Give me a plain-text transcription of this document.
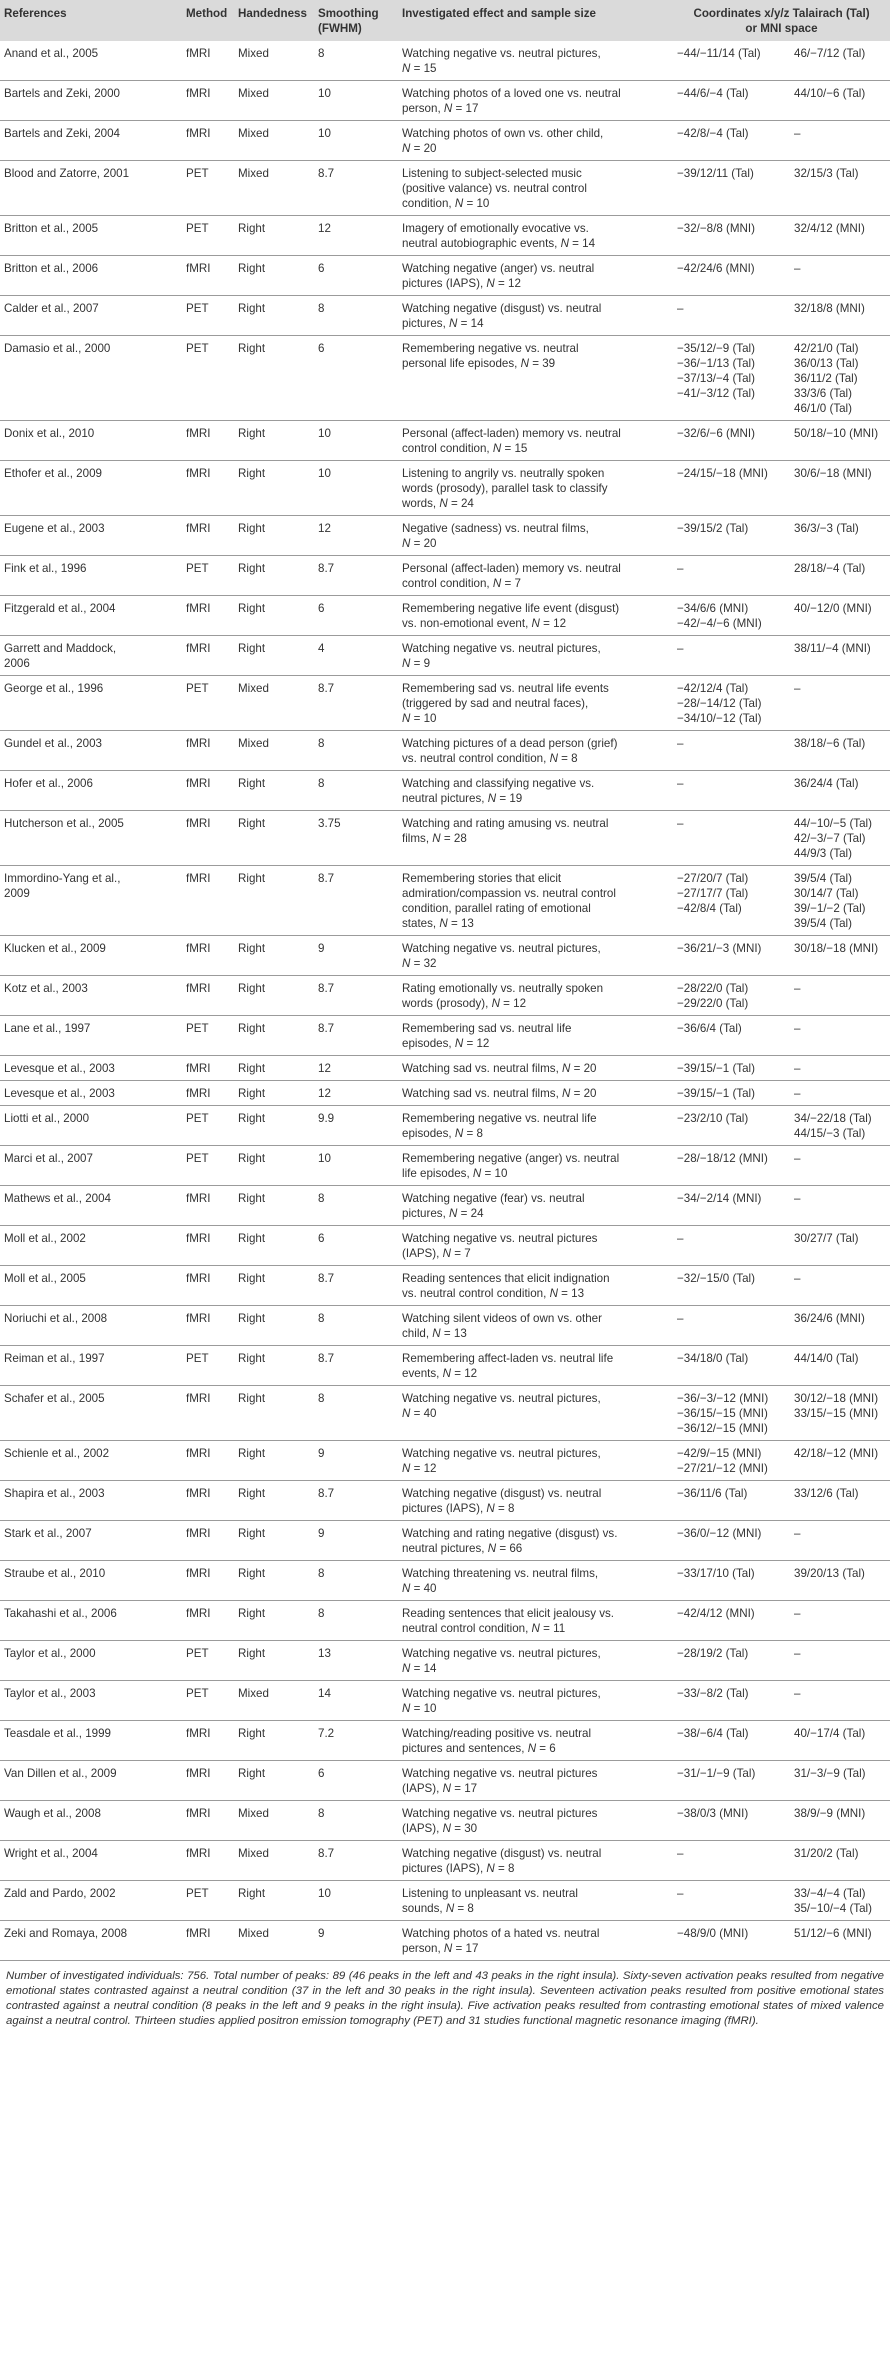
References	Method	Handedness	Smoothing
(FWHM)	Investigated effect and sample size	Coordinates x/y/z Talairach (Tal)
or MNI space	
Anand et al., 2005	fMRI	Mixed	8	Watching negative vs. neutral pictures,
N = 15	−44/−11/14 (Tal)	46/−7/12 (Tal)
Bartels and Zeki, 2000	fMRI	Mixed	10	Watching photos of a loved one vs. neutral
person, N = 17	−44/6/−4 (Tal)	44/10/−6 (Tal)
Bartels and Zeki, 2004	fMRI	Mixed	10	Watching photos of own vs. other child,
N = 20	−42/8/−4 (Tal)	–
Blood and Zatorre, 2001	PET	Mixed	8.7	Listening to subject-selected music
(positive valance) vs. neutral control
condition, N = 10	−39/12/11 (Tal)	32/15/3 (Tal)
Britton et al., 2005	PET	Right	12	Imagery of emotionally evocative vs.
neutral autobiographic events, N = 14	−32/−8/8 (MNI)	32/4/12 (MNI)
Britton et al., 2006	fMRI	Right	6	Watching negative (anger) vs. neutral
pictures (IAPS), N = 12	−42/24/6 (MNI)	–
Calder et al., 2007	PET	Right	8	Watching negative (disgust) vs. neutral
pictures, N = 14	–	32/18/8 (MNI)
Damasio et al., 2000	PET	Right	6	Remembering negative vs. neutral
personal life episodes, N = 39	−35/12/−9 (Tal)
−36/−1/13 (Tal)
−37/13/−4 (Tal)
−41/−3/12 (Tal)	42/21/0 (Tal)
36/0/13 (Tal)
36/11/2 (Tal)
33/3/6 (Tal)
46/1/0 (Tal)
Donix et al., 2010	fMRI	Right	10	Personal (affect-laden) memory vs. neutral
control condition, N = 15	−32/6/−6 (MNI)	50/18/−10 (MNI)
Ethofer et al., 2009	fMRI	Right	10	Listening to angrily vs. neutrally spoken
words (prosody), parallel task to classify
words, N = 24	−24/15/−18 (MNI)	30/6/−18 (MNI)
Eugene et al., 2003	fMRI	Right	12	Negative (sadness) vs. neutral films,
N = 20	−39/15/2 (Tal)	36/3/−3 (Tal)
Fink et al., 1996	PET	Right	8.7	Personal (affect-laden) memory vs. neutral
control condition, N = 7	–	28/18/−4 (Tal)
Fitzgerald et al., 2004	fMRI	Right	6	Remembering negative life event (disgust)
vs. non-emotional event, N = 12	−34/6/6 (MNI)
−42/−4/−6 (MNI)	40/−12/0 (MNI)
Garrett and Maddock,
2006	fMRI	Right	4	Watching negative vs. neutral pictures,
N = 9	–	38/11/−4 (MNI)
George et al., 1996	PET	Mixed	8.7	Remembering sad vs. neutral life events
(triggered by sad and neutral faces),
N = 10	−42/12/4 (Tal)
−28/−14/12 (Tal)
−34/10/−12 (Tal)	–
Gundel et al., 2003	fMRI	Mixed	8	Watching pictures of a dead person (grief)
vs. neutral control condition, N = 8	–	38/18/−6 (Tal)
Hofer et al., 2006	fMRI	Right	8	Watching and classifying negative vs.
neutral pictures, N = 19	–	36/24/4 (Tal)
Hutcherson et al., 2005	fMRI	Right	3.75	Watching and rating amusing vs. neutral
films, N = 28	–	44/−10/−5 (Tal)
42/−3/−7 (Tal)
44/9/3 (Tal)
Immordino-Yang et al.,
2009	fMRI	Right	8.7	Remembering stories that elicit
admiration/compassion vs. neutral control
condition, parallel rating of emotional
states, N = 13	−27/20/7 (Tal)
−27/17/7 (Tal)
−42/8/4 (Tal)	39/5/4 (Tal)
30/14/7 (Tal)
39/−1/−2 (Tal)
39/5/4 (Tal)
Klucken et al., 2009	fMRI	Right	9	Watching negative vs. neutral pictures,
N = 32	−36/21/−3 (MNI)	30/18/−18 (MNI)
Kotz et al., 2003	fMRI	Right	8.7	Rating emotionally vs. neutrally spoken
words (prosody), N = 12	−28/22/0 (Tal)
−29/22/0 (Tal)	–
Lane et al., 1997	PET	Right	8.7	Remembering sad vs. neutral life
episodes, N = 12	−36/6/4 (Tal)	–
Levesque et al., 2003	fMRI	Right	12	Watching sad vs. neutral films, N = 20	−39/15/−1 (Tal)	–
Levesque et al., 2003	fMRI	Right	12	Watching sad vs. neutral films, N = 20	−39/15/−1 (Tal)	–
Liotti et al., 2000	PET	Right	9.9	Remembering negative vs. neutral life
episodes, N = 8	−23/2/10 (Tal)	34/−22/18 (Tal)
44/15/−3 (Tal)
Marci et al., 2007	PET	Right	10	Remembering negative (anger) vs. neutral
life episodes, N = 10	−28/−18/12 (MNI)	–
Mathews et al., 2004	fMRI	Right	8	Watching negative (fear) vs. neutral
pictures, N = 24	−34/−2/14 (MNI)	–
Moll et al., 2002	fMRI	Right	6	Watching negative vs. neutral pictures
(IAPS), N = 7	–	30/27/7 (Tal)
Moll et al., 2005	fMRI	Right	8.7	Reading sentences that elicit indignation
vs. neutral control condition, N = 13	−32/−15/0 (Tal)	–
Noriuchi et al., 2008	fMRI	Right	8	Watching silent videos of own vs. other
child, N = 13	–	36/24/6 (MNI)
Reiman et al., 1997	PET	Right	8.7	Remembering affect-laden vs. neutral life
events, N = 12	−34/18/0 (Tal)	44/14/0 (Tal)
Schafer et al., 2005	fMRI	Right	8	Watching negative vs. neutral pictures,
N = 40	−36/−3/−12 (MNI)
−36/15/−15 (MNI)
−36/12/−15 (MNI)	30/12/−18 (MNI)
33/15/−15 (MNI)
Schienle et al., 2002	fMRI	Right	9	Watching negative vs. neutral pictures,
N = 12	−42/9/−15 (MNI)
−27/21/−12 (MNI)	42/18/−12 (MNI)
Shapira et al., 2003	fMRI	Right	8.7	Watching negative (disgust) vs. neutral
pictures (IAPS), N = 8	−36/11/6 (Tal)	33/12/6 (Tal)
Stark et al., 2007	fMRI	Right	9	Watching and rating negative (disgust) vs.
neutral pictures, N = 66	−36/0/−12 (MNI)	–
Straube et al., 2010	fMRI	Right	8	Watching threatening vs. neutral films,
N = 40	−33/17/10 (Tal)	39/20/13 (Tal)
Takahashi et al., 2006	fMRI	Right	8	Reading sentences that elicit jealousy vs.
neutral control condition, N = 11	−42/4/12 (MNI)	–
Taylor et al., 2000	PET	Right	13	Watching negative vs. neutral pictures,
N = 14	−28/19/2 (Tal)	–
Taylor et al., 2003	PET	Mixed	14	Watching negative vs. neutral pictures,
N = 10	−33/−8/2 (Tal)	–
Teasdale et al., 1999	fMRI	Right	7.2	Watching/reading positive vs. neutral
pictures and sentences, N = 6	−38/−6/4 (Tal)	40/−17/4 (Tal)
Van Dillen et al., 2009	fMRI	Right	6	Watching negative vs. neutral pictures
(IAPS), N = 17	−31/−1/−9 (Tal)	31/−3/−9 (Tal)
Waugh et al., 2008	fMRI	Mixed	8	Watching negative vs. neutral pictures
(IAPS), N = 30	−38/0/3 (MNI)	38/9/−9 (MNI)
Wright et al., 2004	fMRI	Mixed	8.7	Watching negative (disgust) vs. neutral
pictures (IAPS), N = 8	–	31/20/2 (Tal)
Zald and Pardo, 2002	PET	Right	10	Listening to unpleasant vs. neutral
sounds, N = 8	–	33/−4/−4 (Tal)
35/−10/−4 (Tal)
Zeki and Romaya, 2008	fMRI	Mixed	9	Watching photos of a hated vs. neutral
person, N = 17	−48/9/0 (MNI)	51/12/−6 (MNI)

Number of investigated individuals: 756. Total number of peaks: 89 (46 peaks in the left and 43 peaks in the right insula). Sixty-seven activation peaks resulted from negative emotional states contrasted against a neutral condition (37 in the left and 30 peaks in the right insula). Seventeen activation peaks resulted from positive emotional states contrasted against a neutral condition (8 peaks in the left and 9 peaks in the right insula). Five activation peaks resulted from contrasting emotional states of mixed valence against a neutral control. Thirteen studies applied positron emission tomography (PET) and 31 studies functional magnetic resonance imaging (fMRI).
